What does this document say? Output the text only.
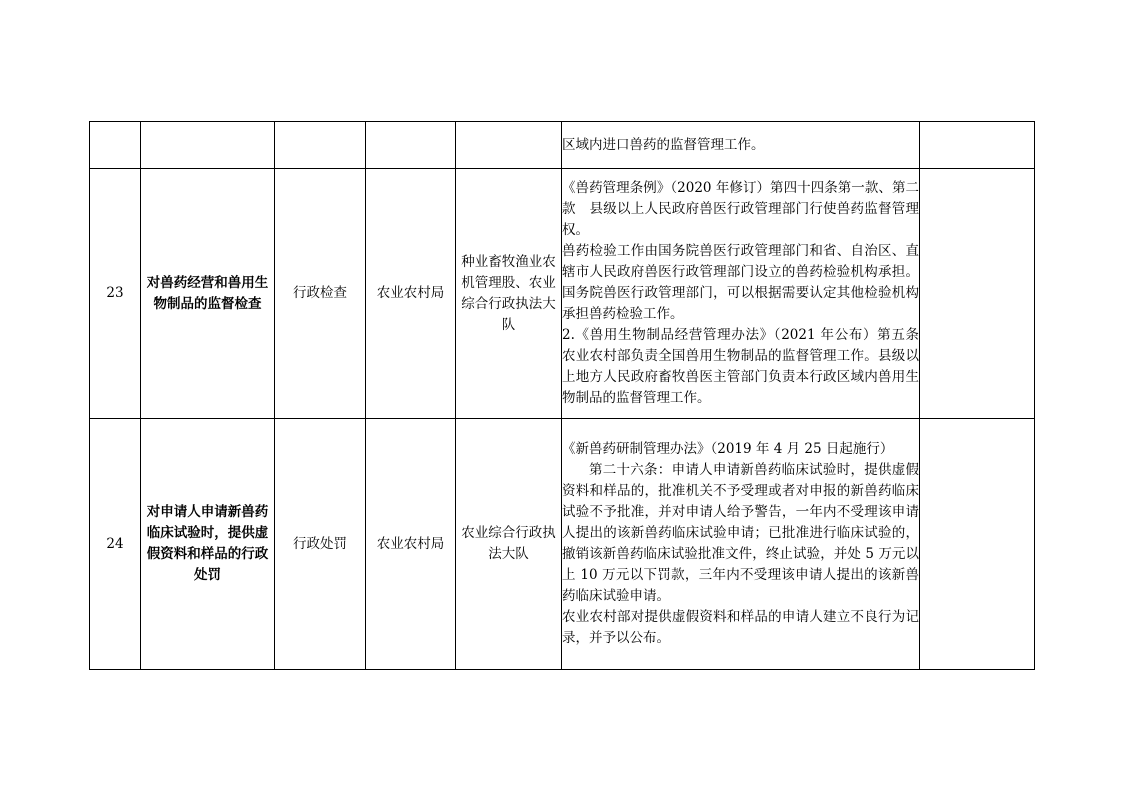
					区域内进口兽药的监督管理工作。	

23	对兽药经营和兽用生物制品的监督检查	行政检查	农业农村局	种业畜牧渔业农机管理股、农业综合行政执法大队	《兽药管理条例》（2020 年修订）第四十四条第一款、第二款　县级以上人民政府兽医行政管理部门行使兽药监督管理权。

兽药检验工作由国务院兽医行政管理部门和省、自治区、直辖市人民政府兽医行政管理部门设立的兽药检验机构承担。国务院兽医行政管理部门，可以根据需要认定其他检验机构承担兽药检验工作。

2.《兽用生物制品经营管理办法》（2021 年公布）第五条 农业农村部负责全国兽用生物制品的监督管理工作。县级以上地方人民政府畜牧兽医主管部门负责本行政区域内兽用生物制品的监督管理工作。	

24	对申请人申请新兽药临床试验时，提供虚假资料和样品的行政处罚	行政处罚	农业农村局	农业综合行政执法大队	《新兽药研制管理办法》（2019 年 4 月 25 日起施行）

第二十六条：申请人申请新兽药临床试验时，提供虚假资料和样品的，批准机关不予受理或者对申报的新兽药临床试验不予批准，并对申请人给予警告，一年内不受理该申请人提出的该新兽药临床试验申请；已批准进行临床试验的，撤销该新兽药临床试验批准文件，终止试验，并处 5 万元以上 10 万元以下罚款，三年内不受理该申请人提出的该新兽药临床试验申请。

农业农村部对提供虚假资料和样品的申请人建立不良行为记录，并予以公布。	
